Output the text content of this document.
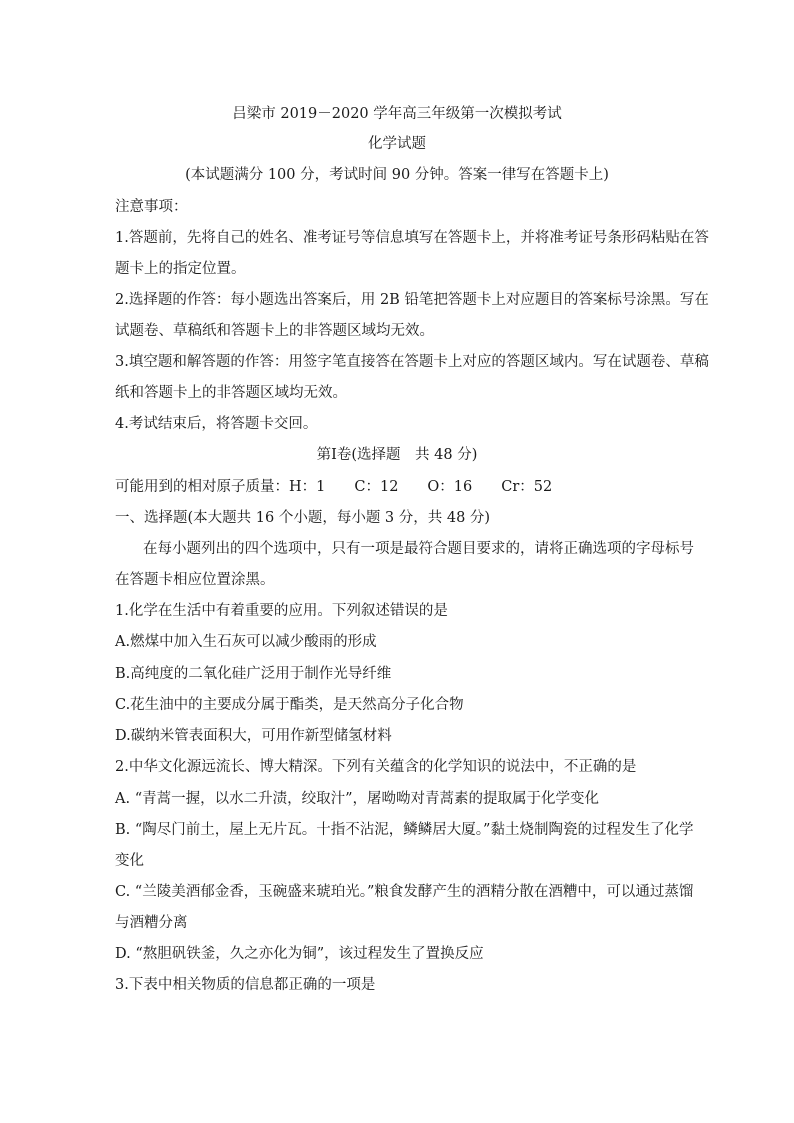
吕梁市 2019－2020 学年高三年级第一次模拟考试
化学试题
(本试题满分 100 分，考试时间 90 分钟。答案一律写在答题卡上)
注意事项：
1.答题前，先将自己的姓名、准考证号等信息填写在答题卡上，并将准考证号条形码粘贴在答
题卡上的指定位置。
2.选择题的作答：每小题选出答案后，用 2B 铅笔把答题卡上对应题目的答案标号涂黑。写在
试题卷、草稿纸和答题卡上的非答题区域均无效。
3.填空题和解答题的作答：用签字笔直接答在答题卡上对应的答题区域内。写在试题卷、草稿
纸和答题卡上的非答题区域均无效。
4.考试结束后，将答题卡交回。
第Ⅰ卷(选择题　共 48 分)
可能用到的相对原子质量：H：1　　C：12　　O：16　　Cr：52
一、选择题(本大题共 16 个小题，每小题 3 分，共 48 分)
在每小题列出的四个选项中，只有一项是最符合题目要求的，请将正确选项的字母标号
在答题卡相应位置涂黑。
1.化学在生活中有着重要的应用。下列叙述错误的是
A.燃煤中加入生石灰可以减少酸雨的形成
B.高纯度的二氧化硅广泛用于制作光导纤维
C.花生油中的主要成分属于酯类，是天然高分子化合物
D.碳纳米管表面积大，可用作新型储氢材料
2.中华文化源远流长、博大精深。下列有关蕴含的化学知识的说法中，不正确的是
A. “青蒿一握，以水二升渍，绞取汁”，屠呦呦对青蒿素的提取属于化学变化
B. “陶尽门前土，屋上无片瓦。十指不沾泥，鳞鳞居大厦。”黏土烧制陶瓷的过程发生了化学
变化
C. “兰陵美酒郁金香，玉碗盛来琥珀光。”粮食发酵产生的酒精分散在酒糟中，可以通过蒸馏
与酒糟分离
D. “熬胆矾铁釜，久之亦化为铜”，该过程发生了置换反应
3.下表中相关物质的信息都正确的一项是
